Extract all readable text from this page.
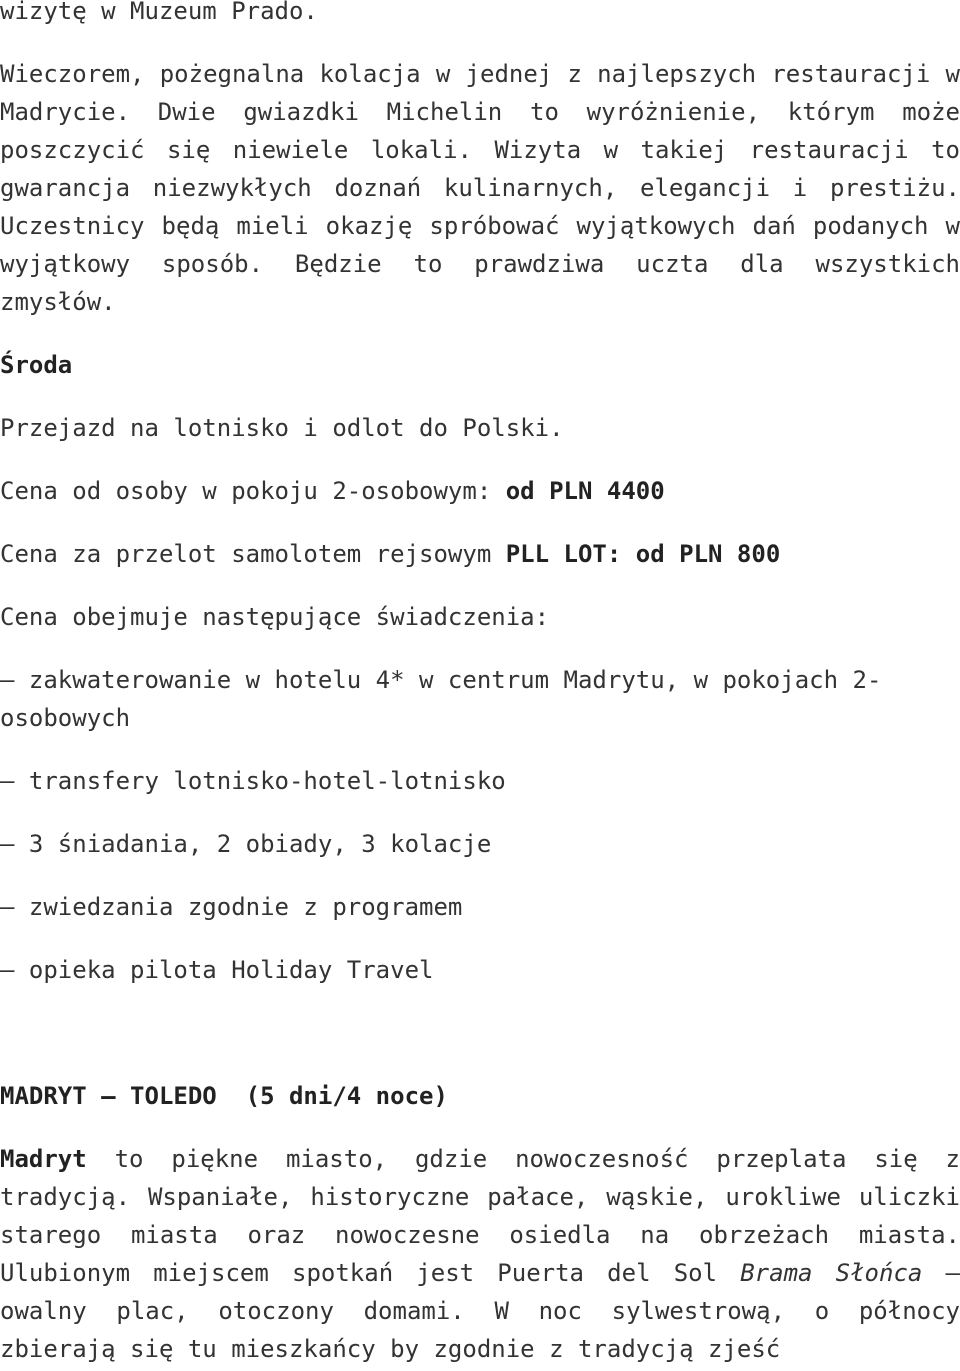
wizytę w Muzeum Prado.

Wieczorem, pożegnalna kolacja w jednej z najlepszych restauracji w Madrycie. Dwie gwiazdki Michelin to wyróżnienie, którym może poszczycić się niewiele lokali. Wizyta w takiej restauracji to gwarancja niezwykłych doznań kulinarnych, elegancji i prestiżu. Uczestnicy będą mieli okazję spróbować wyjątkowych dań podanych w wyjątkowy sposób. Będzie to prawdziwa uczta dla wszystkich zmysłów.

Środa

Przejazd na lotnisko i odlot do Polski.

Cena od osoby w pokoju 2-osobowym: od PLN 4400

Cena za przelot samolotem rejsowym PLL LOT: od PLN 800

Cena obejmuje następujące świadczenia:

– zakwaterowanie w hotelu 4* w centrum Madrytu, w pokojach 2-osobowych

– transfery lotnisko-hotel-lotnisko

– 3 śniadania, 2 obiady, 3 kolacje

– zwiedzania zgodnie z programem

– opieka pilota Holiday Travel

MADRYT – TOLEDO  (5 dni/4 noce)

Madryt to piękne miasto, gdzie nowoczesność przeplata się z tradycją. Wspaniałe, historyczne pałace, wąskie, urokliwe uliczki starego miasta oraz nowoczesne osiedla na obrzeżach miasta. Ulubionym miejscem spotkań jest Puerta del Sol Brama Słońca – owalny plac, otoczony domami. W noc sylwestrową, o północy zbierają się tu mieszkańcy by zgodnie z tradycją zjeść
